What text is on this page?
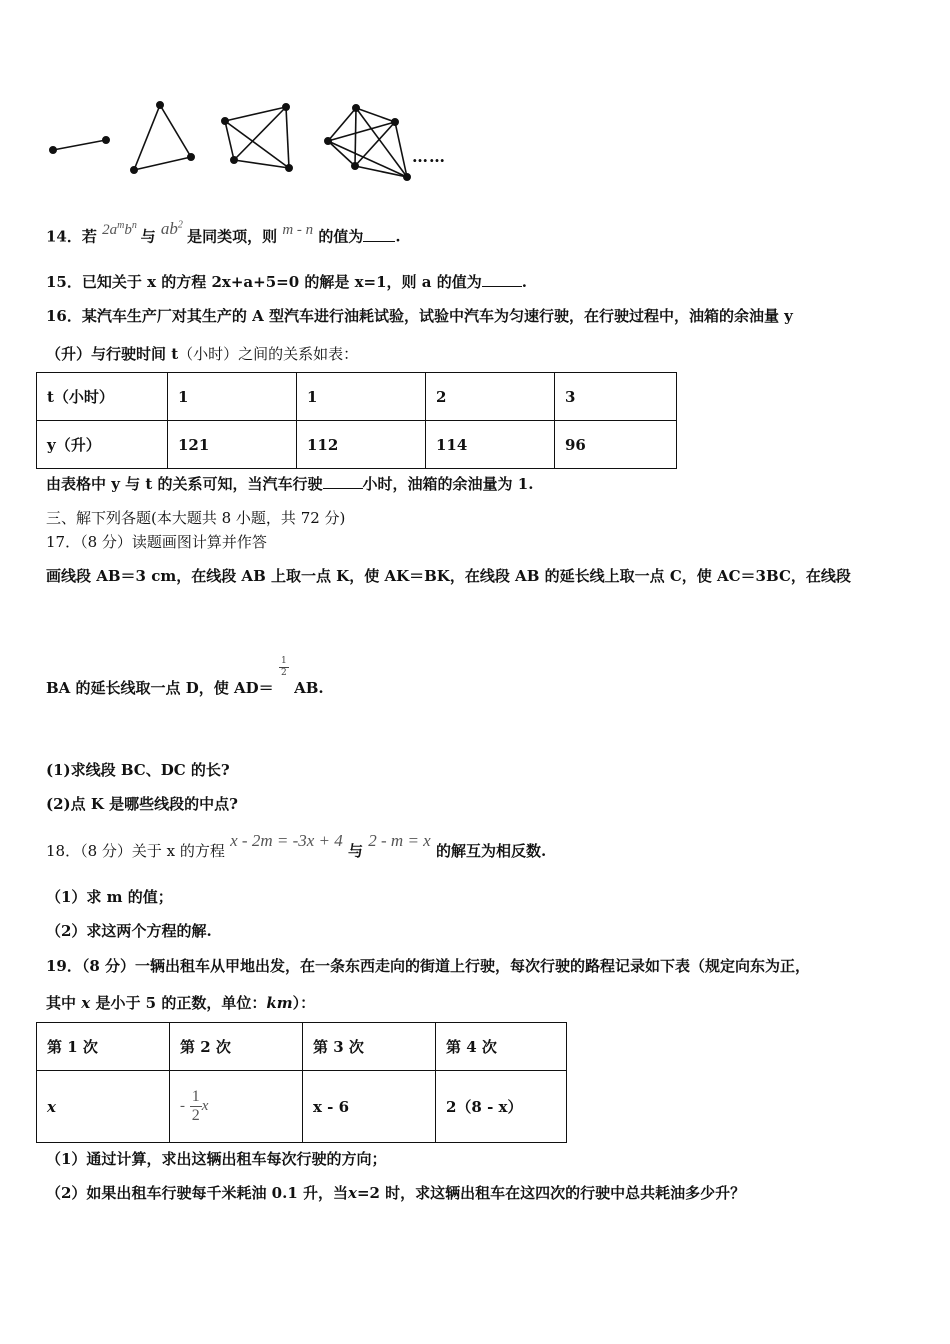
……
14．若 $2a^mb^n$ 与 $ab^2$ 是同类项，则 m - n 的值为 .
15．已知关于 x 的方程 2x+a+5=0 的解是 x=1，则 a 的值为	.
16．某汽车生产厂对其生产的 A 型汽车进行油耗试验，试验中汽车为匀速行驶，在行驶过程中，油箱的余油量 y
（升）与行驶时间 t（小时）之间的关系如表：
t（小时）	1	1	2	3
y（升）	121	112	114	96
由表格中 y 与 t 的关系可知，当汽车行驶	小时，油箱的余油量为 1.
三、解下列各题(本大题共 8 小题，共 72 分)
17．（8 分）读题画图计算并作答
画线段 AB＝3 cm，在线段 AB 上取一点 K，使 AK＝BK，在线段 AB 的延长线上取一点 C，使 AC＝3BC，在线段
BA 的延长线取一点 D，使 AD＝
$\frac{1}{2}$
AB.
(1)求线段 BC、DC 的长?
(2)点 K 是哪些线段的中点?
18．（8 分）关于 x 的方程 x - 2m = -3x + 4 与 2 - m = x 的解互为相反数.
（1）求 m 的值；
（2）求这两个方程的解.
19．（8 分）一辆出租车从甲地出发，在一条东西走向的街道上行驶，每次行驶的路程记录如下表（规定向东为正，
其中 x 是小于 5 的正数，单位：km）：
第 1 次	第 2 次	第 3 次	第 4 次
x	- $\frac{1}{2}$ x	x - 6	2（8 - x）
（1）通过计算，求出这辆出租车每次行驶的方向；
（2）如果出租车行驶每千米耗油 0.1 升，当x=2 时，求这辆出租车在这四次的行驶中总共耗油多少升？
